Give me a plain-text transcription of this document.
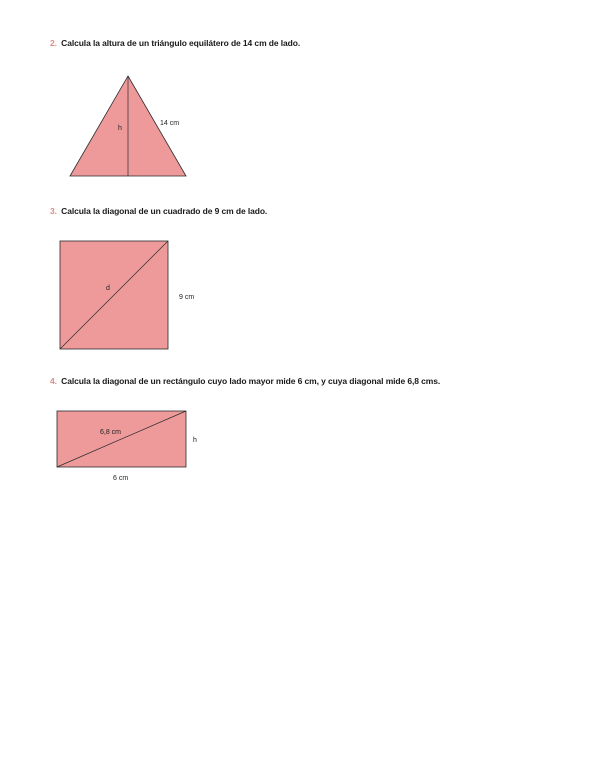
2. Calcula la altura de un triángulo equilátero de 14 cm de lado.
h
14 cm
3. Calcula la diagonal de un cuadrado de 9 cm de lado.
d
9 cm
4. Calcula la diagonal de un rectángulo cuyo lado mayor mide 6 cm, y cuya diagonal mide 6,8 cms.
6,8 cm
h
6 cm
